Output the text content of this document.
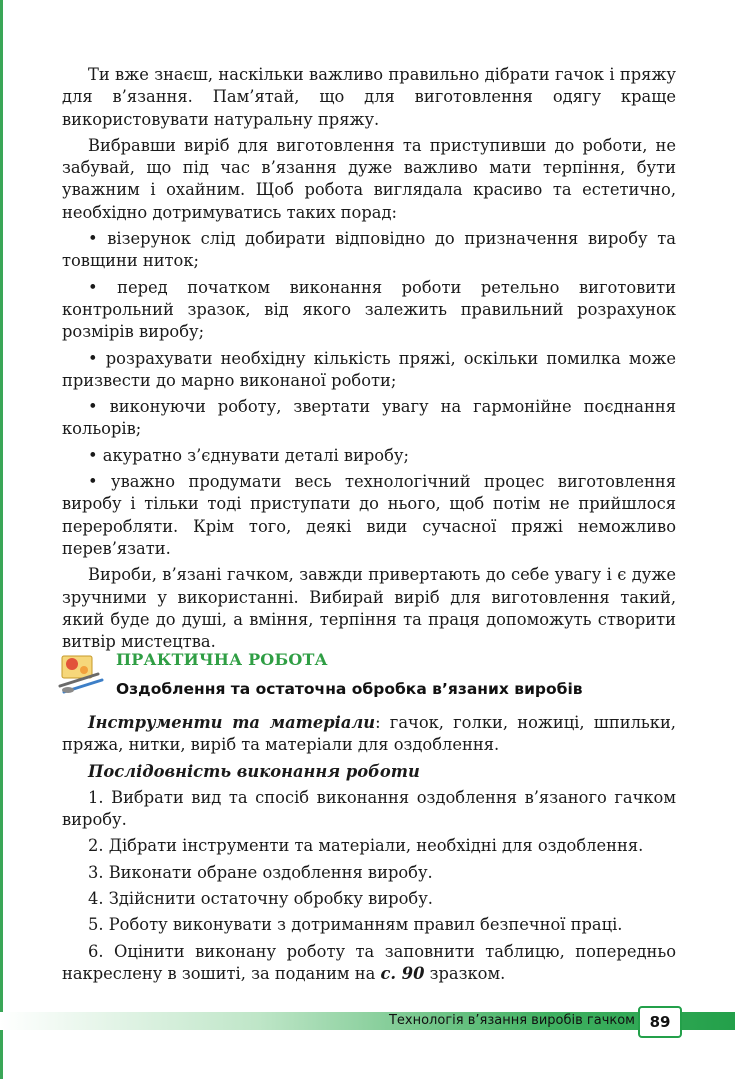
Ти вже знаєш, наскільки важливо правильно дібрати гачок і пряжу для в’язання. Пам’ятай, що для виготовлення одягу краще використовувати натуральну пряжу.

Вибравши виріб для виготовлення та приступивши до роботи, не забувай, що під час в’язання дуже важливо мати терпіння, бути уважним і охайним. Щоб робота виглядала красиво та естетично, необхідно дотримуватись таких порад:

• візерунок слід добирати відповідно до призначення виробу та товщини ниток;

• перед початком виконання роботи ретельно виготовити контрольний зразок, від якого залежить правильний розрахунок розмірів виробу;

• розрахувати необхідну кількість пряжі, оскільки помилка може призвести до марно виконаної роботи;

• виконуючи роботу, звертати увагу на гармонійне поєднання кольорів;

• акуратно з’єднувати деталі виробу;

• уважно продумати весь технологічний процес виготовлення виробу і тільки тоді приступати до нього, щоб потім не прийшлося переробляти. Крім того, деякі види сучасної пряжі неможливо перев’язати.

Вироби, в’язані гачком, завжди привертають до себе увагу і є дуже зручними у використанні. Вибирай виріб для виготовлення такий, який буде до душі, а вміння, терпіння та праця допоможуть створити витвір мистецтва.

ПРАКТИЧНА РОБОТА
Оздоблення та остаточна обробка в’язаних виробів

Інструменти та матеріали: гачок, голки, ножиці, шпильки, пряжа, нитки, виріб та матеріали для оздоблення.

Послідовність виконання роботи

1. Вибрати вид та спосіб виконання оздоблення в’язаного гачком виробу.

2. Дібрати інструменти та матеріали, необхідні для оздоблення.

3. Виконати обране оздоблення виробу.

4. Здійснити остаточну обробку виробу.

5. Роботу виконувати з дотриманням правил безпечної праці.

6. Оцінити виконану роботу та заповнити таблицю, попередньо накреслену в зошиті, за поданим на с. 90 зразком.

Технологія в’язання виробів гачком 89
